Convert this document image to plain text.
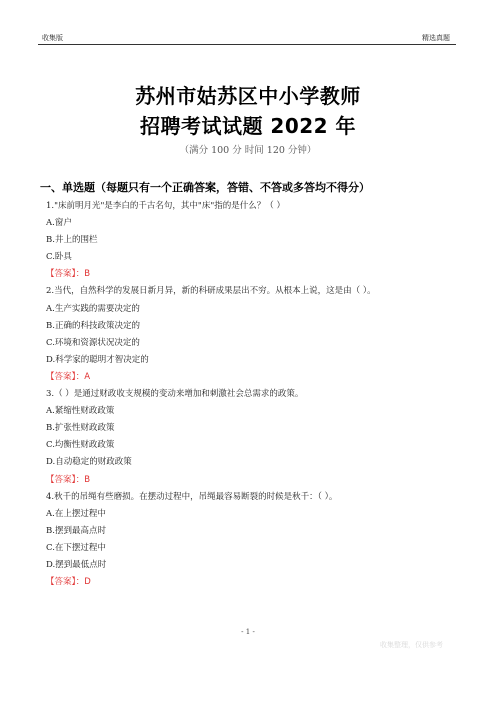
收集版	精选真题
苏州市姑苏区中小学教师
招聘考试试题 2022 年
（满分 100 分 时间 120 分钟）
一、单选题（每题只有一个正确答案，答错、不答或多答均不得分）
1."床前明月光"是李白的千古名句，其中"床"指的是什么？（ ）
A.窗户
B.井上的围栏
C.卧具
【答案】：B
2.当代，自然科学的发展日新月异，新的科研成果层出不穷。从根本上说，这是由（ ）。
A.生产实践的需要决定的
B.正确的科技政策决定的
C.环境和资源状况决定的
D.科学家的聪明才智决定的
【答案】：A
3.（ ）是通过财政收支规模的变动来增加和刺激社会总需求的政策。
A.紧缩性财政政策
B.扩张性财政政策
C.均衡性财政政策
D.自动稳定的财政政策
【答案】：B
4.秋千的吊绳有些磨损。在摆动过程中，吊绳最容易断裂的时候是秋千：（ ）。
A.在上摆过程中
B.摆到最高点时
C.在下摆过程中
D.摆到最低点时
【答案】：D
- 1 -
收集整理，仅供参考
